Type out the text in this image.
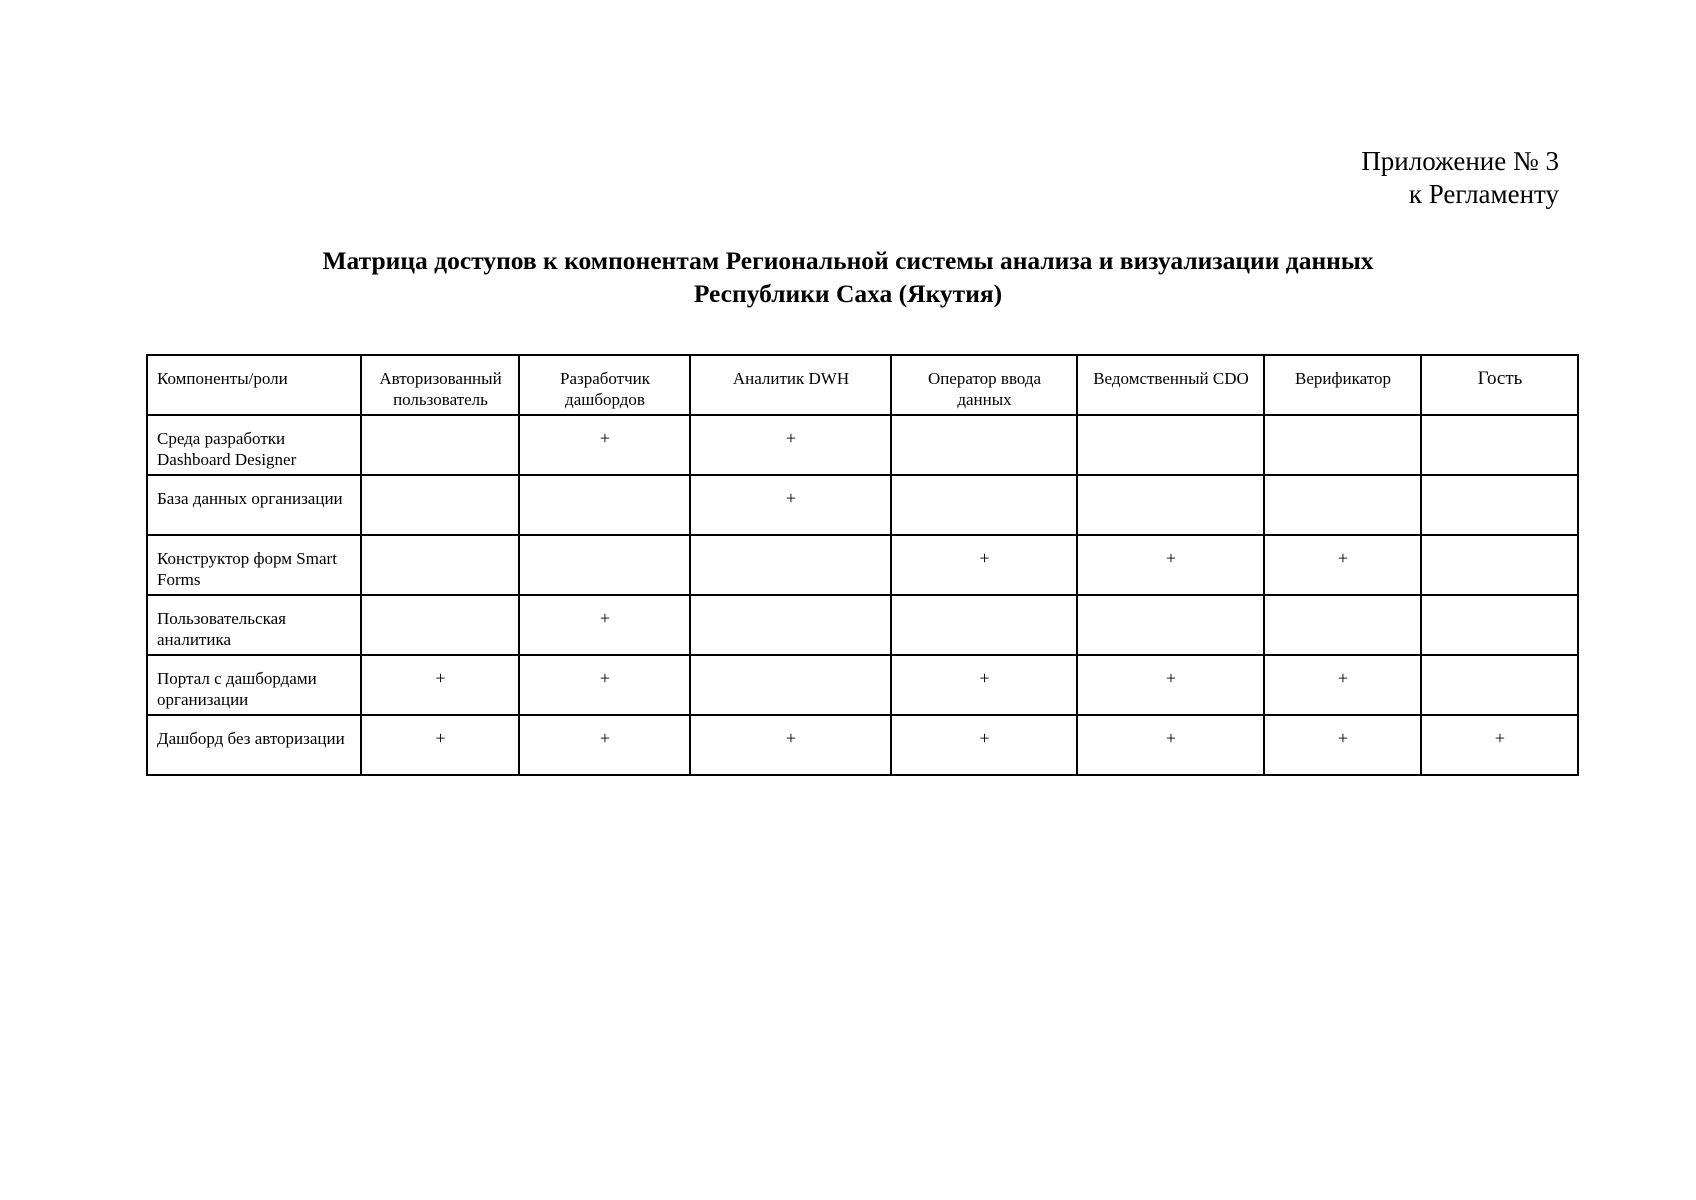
Приложение № 3
к Регламенту
Матрица доступов к компонентам Региональной системы анализа и визуализации данных
Республики Саха (Якутия)
Компоненты/роли	Авторизованный пользователь	Разработчик дашбордов	Аналитик DWH	Оператор ввода данных	Ведомственный CDO	Верификатор	Гость
Среда разработки Dashboard Designer		+	+				
База данных организации			+				
Конструктор форм Smart Forms				+	+	+	
Пользовательская аналитика		+					
Портал с дашбордами организации	+	+		+	+	+	
Дашборд без авторизации	+	+	+	+	+	+	+
